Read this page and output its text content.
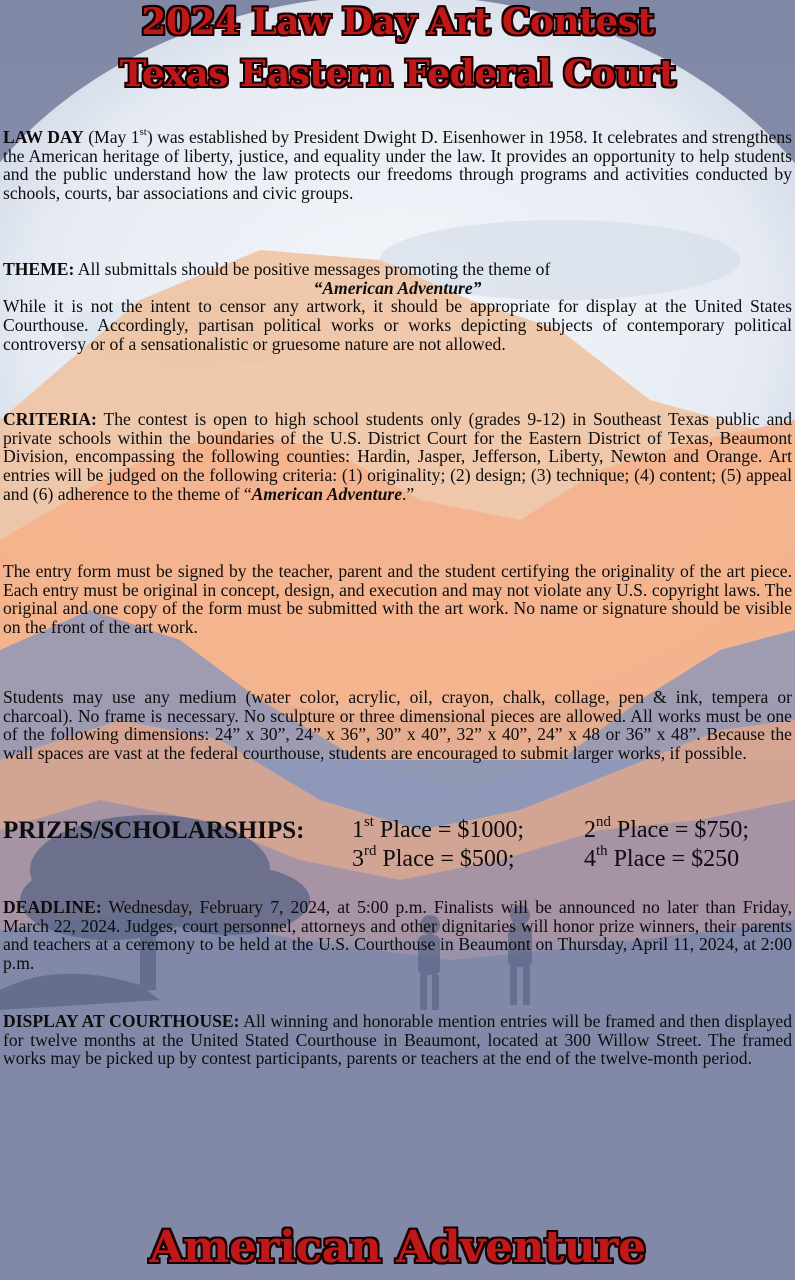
2024 Law Day Art Contest
Texas Eastern Federal Court
LAW DAY (May 1st) was established by President Dwight D. Eisenhower in 1958. It celebrates and strengthens the American heritage of liberty, justice, and equality under the law. It provides an opportunity to help students and the public understand how the law protects our freedoms through programs and activities conducted by schools, courts, bar associations and civic groups.
THEME: All submittals should be positive messages promoting the theme of
“American Adventure”
While it is not the intent to censor any artwork, it should be appropriate for display at the United States Courthouse. Accordingly, partisan political works or works depicting subjects of contemporary political controversy or of a sensationalistic or gruesome nature are not allowed.
CRITERIA: The contest is open to high school students only (grades 9-12) in Southeast Texas public and private schools within the boundaries of the U.S. District Court for the Eastern District of Texas, Beaumont Division, encompassing the following counties: Hardin, Jasper, Jefferson, Liberty, Newton and Orange. Art entries will be judged on the following criteria: (1) originality; (2) design; (3) technique; (4) content; (5) appeal and (6) adherence to the theme of “American Adventure.”
The entry form must be signed by the teacher, parent and the student certifying the originality of the art piece. Each entry must be original in concept, design, and execution and may not violate any U.S. copyright laws. The original and one copy of the form must be submitted with the art work. No name or signature should be visible on the front of the art work.
Students may use any medium (water color, acrylic, oil, crayon, chalk, collage, pen & ink, tempera or charcoal). No frame is necessary. No sculpture or three dimensional pieces are allowed. All works must be one of the following dimensions: 24” x 30”, 24” x 36”, 30” x 40”, 32” x 40”, 24” x 48 or 36” x 48”. Because the wall spaces are vast at the federal courthouse, students are encouraged to submit larger works, if possible.
PRIZES/SCHOLARSHIPS: 1st Place = $1000; 2nd Place = $750;
3rd Place = $500;	4th Place = $250
DEADLINE: Wednesday, February 7, 2024, at 5:00 p.m. Finalists will be announced no later than Friday, March 22, 2024. Judges, court personnel, attorneys and other dignitaries will honor prize winners, their parents and teachers at a ceremony to be held at the U.S. Courthouse in Beaumont on Thursday, April 11, 2024, at 2:00 p.m.
DISPLAY AT COURTHOUSE: All winning and honorable mention entries will be framed and then displayed for twelve months at the United Stated Courthouse in Beaumont, located at 300 Willow Street. The framed works may be picked up by contest participants, parents or teachers at the end of the twelve-month period.
American Adventure
